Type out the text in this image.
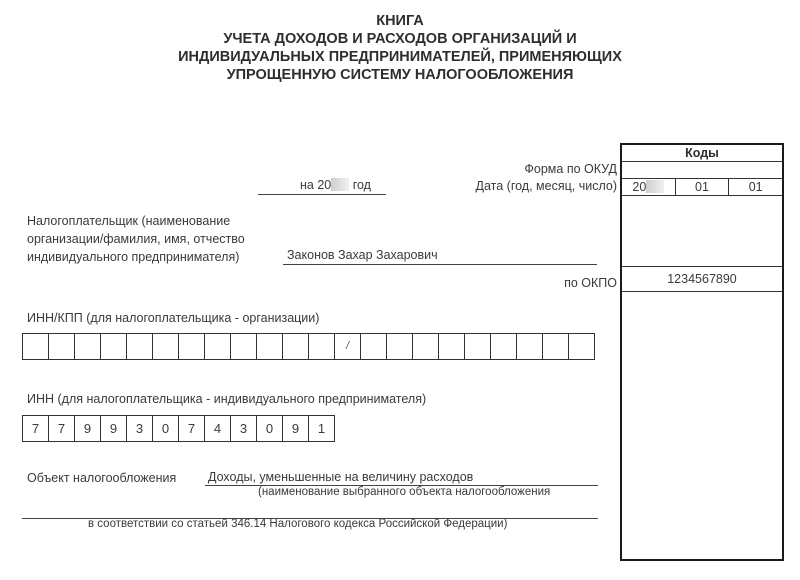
КНИГА
УЧЕТА ДОХОДОВ И РАСХОДОВ ОРГАНИЗАЦИЙ И
ИНДИВИДУАЛЬНЫХ ПРЕДПРИНИМАТЕЛЕЙ, ПРИМЕНЯЮЩИХ
УПРОЩЕННУЮ СИСТЕМУ НАЛОГООБЛОЖЕНИЯ
на 20 год
Форма по ОКУД
Дата (год, месяц, число)
по ОКПО
Коды
20	01	01
1234567890
Налогоплательщик (наименование
организации/фамилия, имя, отчество
индивидуального предпринимателя)	Законов Захар Захарович
ИНН/КПП (для налогоплательщика - организации)
/
ИНН (для налогоплательщика - индивидуального предпринимателя)
7	7	9	9	3	0	7	4	3	0	9	1
Объект налогообложения	Доходы, уменьшенные на величину расходов
(наименование выбранного объекта налогообложения
в соответствии со статьей 346.14 Налогового кодекса Российской Федерации)
